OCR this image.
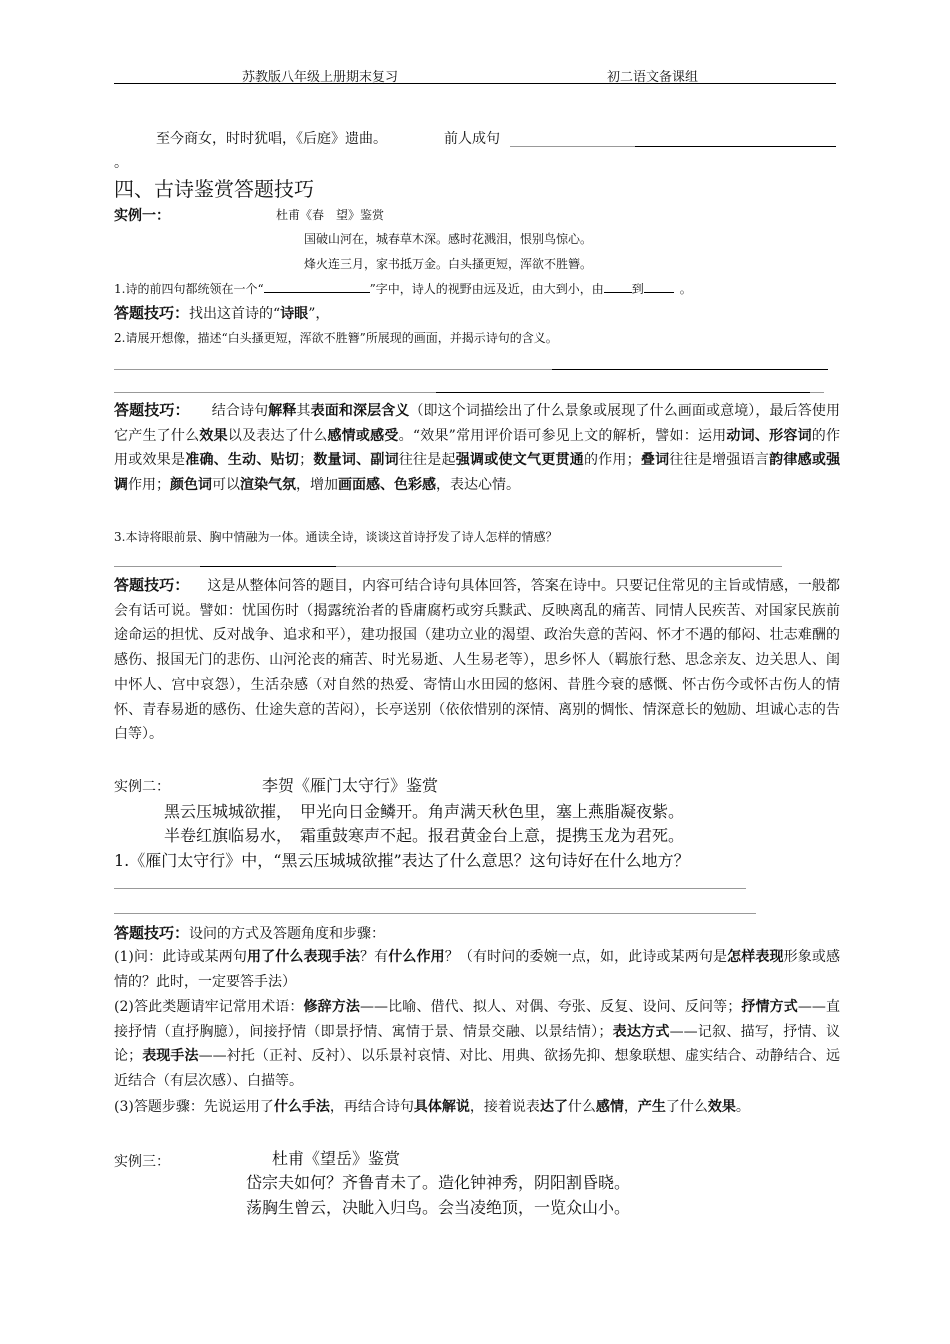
苏教版八年级上册期末复习	初二语文备课组
至今商女，时时犹唱，《后庭》遗曲。	前人成句
。
四、古诗鉴赏答题技巧
实例一：	杜甫《春　望》鉴赏
国破山河在，城春草木深。感时花溅泪，恨别鸟惊心。
烽火连三月，家书抵万金。白头搔更短，浑欲不胜簪。
1.诗的前四句都统领在一个“	”字中，诗人的视野由远及近，由大到小，由 到	。
答题技巧：找出这首诗的“诗眼”，
2.请展开想像，描述“白头搔更短，浑欲不胜簪”所展现的画面，并揭示诗句的含义。
答题技巧： 结合诗句解释其表面和深层含义（即这个词描绘出了什么景象或展现了什么画面或意境），最后答使用它产生了什么效果以及表达了什么感情或感受。“效果”常用评价语可参见上文的解析，譬如：运用动词、形容词的作用或效果是准确、生动、贴切；数量词、副词往往是起强调或使文气更贯通的作用；叠词往往是增强语言韵律感或强调作用；颜色词可以渲染气氛，增加画面感、色彩感，表达心情。
3.本诗将眼前景、胸中情融为一体。通读全诗，谈谈这首诗抒发了诗人怎样的情感？
答题技巧： 这是从整体问答的题目，内容可结合诗句具体回答，答案在诗中。只要记住常见的主旨或情感，一般都会有话可说。譬如：忧国伤时（揭露统治者的昏庸腐朽或穷兵黩武、反映离乱的痛苦、同情人民疾苦、对国家民族前途命运的担忧、反对战争、追求和平），建功报国（建功立业的渴望、政治失意的苦闷、怀才不遇的郁闷、壮志难酬的感伤、报国无门的悲伤、山河沦丧的痛苦、时光易逝、人生易老等），思乡怀人（羁旅行愁、思念亲友、边关思人、闺中怀人、宫中哀怨），生活杂感（对自然的热爱、寄情山水田园的悠闲、昔胜今衰的感慨、怀古伤今或怀古伤人的情怀、青春易逝的感伤、仕途失意的苦闷），长亭送别（依依惜别的深情、离别的惆怅、情深意长的勉励、坦诚心志的告白等）。
实例二：	李贺《雁门太守行》鉴赏
黑云压城城欲摧，　甲光向日金鳞开。角声满天秋色里，塞上燕脂凝夜紫。
半卷红旗临易水，　霜重鼓寒声不起。报君黄金台上意，提携玉龙为君死。
1.《雁门太守行》中，“黑云压城城欲摧”表达了什么意思？这句诗好在什么地方？
答题技巧：设问的方式及答题角度和步骤：
(1)问：此诗或某两句用了什么表现手法？有什么作用？（有时问的委婉一点，如，此诗或某两句是怎样表现形象或感情的？此时，一定要答手法）
(2)答此类题请牢记常用术语：修辞方法——比喻、借代、拟人、对偶、夸张、反复、设问、反问等；抒情方式——直接抒情（直抒胸臆），间接抒情（即景抒情、寓情于景、情景交融、以景结情）；表达方式——记叙、描写，抒情、议论；表现手法——衬托（正衬、反衬）、以乐景衬哀情、对比、用典、欲扬先抑、想象联想、虚实结合、动静结合、远近结合（有层次感）、白描等。
(3)答题步骤：先说运用了什么手法，再结合诗句具体解说，接着说表达了什么感情，产生了什么效果。
实例三：	杜甫《望岳》鉴赏
岱宗夫如何？齐鲁青未了。造化钟神秀，阴阳割昏晓。
荡胸生曾云，决眦入归鸟。会当凌绝顶，一览众山小。
